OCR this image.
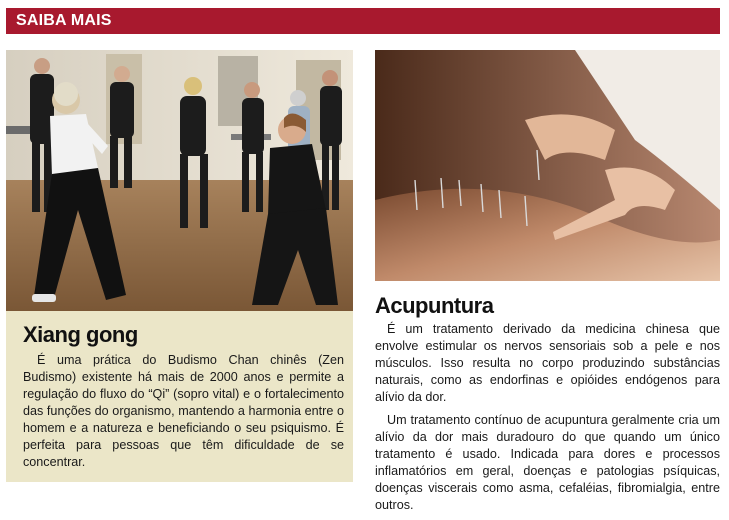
SAIBA MAIS
Xiang gong

É uma prática do Budismo Chan chinês (Zen Budismo) existente há mais de 2000 anos e permite a regulação do fluxo do “Qi” (sopro vital) e o fortalecimento das funções do organismo, mantendo a harmonia entre o homem e a natureza e beneficiando o seu psiquismo. É perfeita para pessoas que têm dificuldade de se concentrar.

Acupuntura

É um tratamento derivado da medicina chinesa que envolve estimular os nervos sensoriais sob a pele e nos músculos. Isso resulta no corpo produzindo substâncias naturais, como as endorfinas e opióides endógenos para alívio da dor.

Um tratamento contínuo de acupuntura geralmente cria um alívio da dor mais duradouro do que quando um único tratamento é usado. Indicada para dores e processos inflamatórios em geral, doenças e patologias psíquicas, doenças viscerais como asma, cefaléias, fibromialgia, entre outros.
